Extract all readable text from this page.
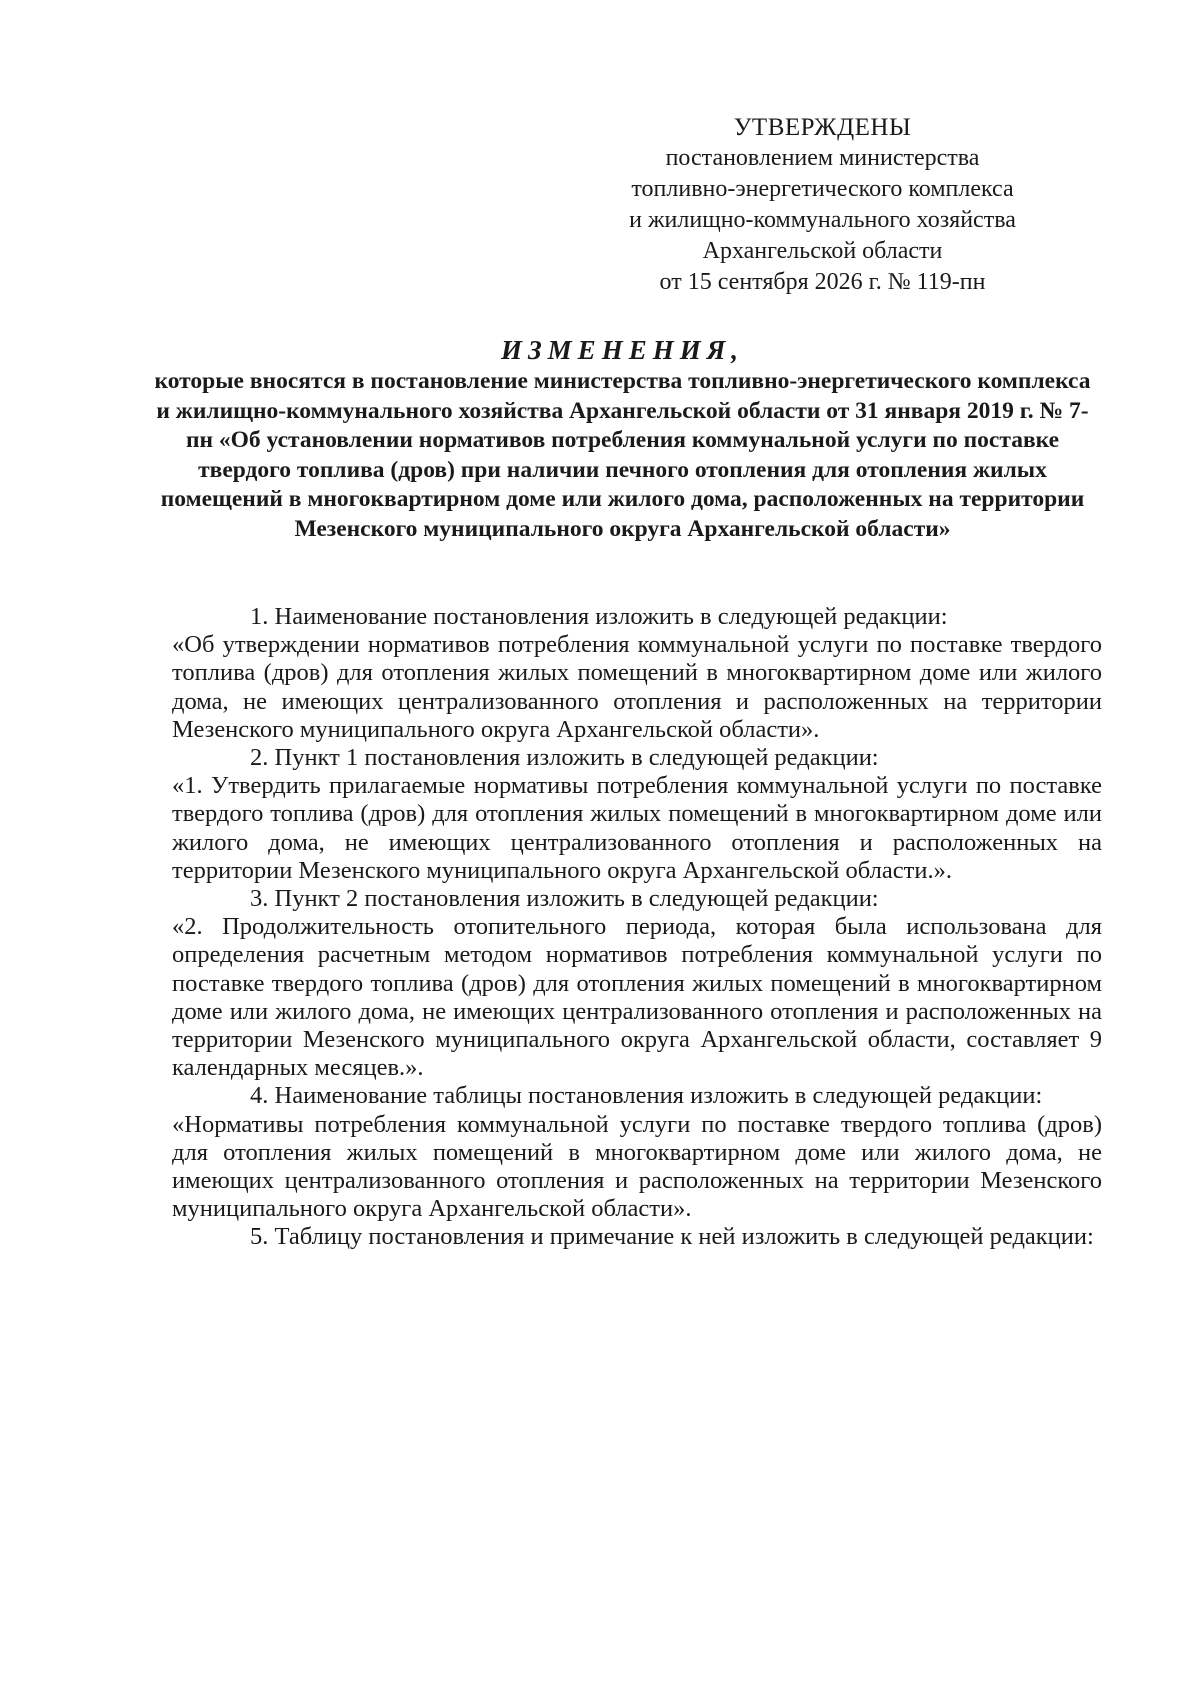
УТВЕРЖДЕНЫ
постановлением министерства
топливно-энергетического комплекса
и жилищно-коммунального хозяйства
Архангельской области
от 15 сентября 2026 г. № 119-пн
ИЗМЕНЕНИЯ,
которые вносятся в постановление министерства топливно-энергетического комплекса и жилищно-коммунального хозяйства Архангельской области от 31 января 2019 г. № 7-пн «Об установлении нормативов потребления коммунальной услуги по поставке твердого топлива (дров) при наличии печного отопления для отопления жилых помещений в многоквартирном доме или жилого дома, расположенных на территории Мезенского муниципального округа Архангельской области»

1. Наименование постановления изложить в следующей редакции:

«Об утверждении нормативов потребления коммунальной услуги по поставке твердого топлива (дров) для отопления жилых помещений в многоквартирном доме или жилого дома, не имеющих централизованного отопления и расположенных на территории Мезенского муниципального округа Архангельской области».

2. Пункт 1 постановления изложить в следующей редакции:

«1. Утвердить прилагаемые нормативы потребления коммунальной услуги по поставке твердого топлива (дров) для отопления жилых помещений в многоквартирном доме или жилого дома, не имеющих централизованного отопления и расположенных на территории Мезенского муниципального округа Архангельской области.».

3. Пункт 2 постановления изложить в следующей редакции:

«2. Продолжительность отопительного периода, которая была использована для определения расчетным методом нормативов потребления коммунальной услуги по поставке твердого топлива (дров) для отопления жилых помещений в многоквартирном доме или жилого дома, не имеющих централизованного отопления и расположенных на территории Мезенского муниципального округа Архангельской области, составляет 9 календарных месяцев.».

4. Наименование таблицы постановления изложить в следующей редакции:

«Нормативы потребления коммунальной услуги по поставке твердого топлива (дров) для отопления жилых помещений в многоквартирном доме или жилого дома, не имеющих централизованного отопления и расположенных на территории Мезенского муниципального округа Архангельской области».

5. Таблицу постановления и примечание к ней изложить в следующей редакции:
